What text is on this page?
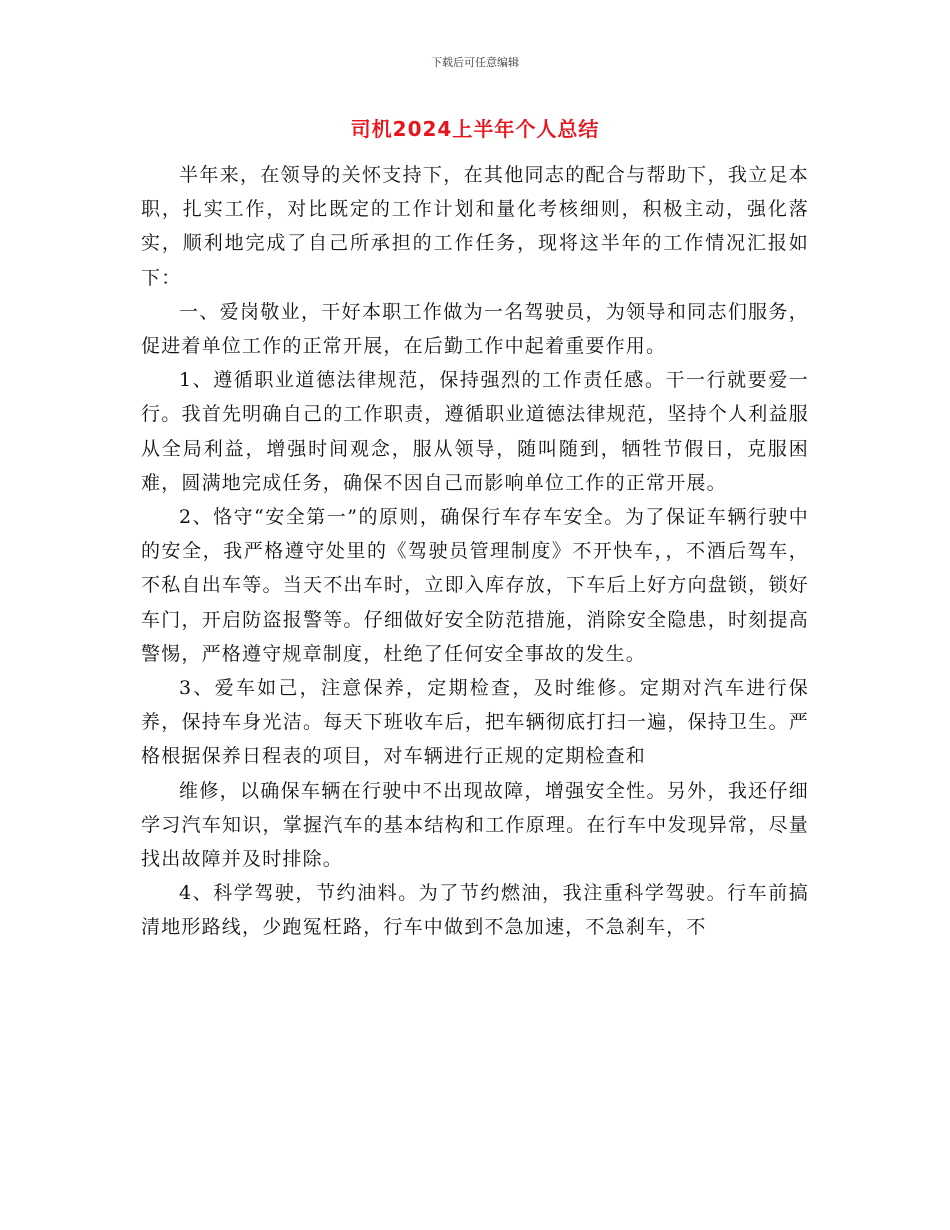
下载后可任意编辑
司机2024上半年个人总结

半年来，在领导的关怀支持下，在其他同志的配合与帮助下，我立足本职，扎实工作，对比既定的工作计划和量化考核细则，积极主动，强化落实，顺利地完成了自己所承担的工作任务，现将这半年的工作情况汇报如下：

一、爱岗敬业，干好本职工作做为一名驾驶员，为领导和同志们服务，促进着单位工作的正常开展，在后勤工作中起着重要作用。

1、遵循职业道德法律规范，保持强烈的工作责任感。干一行就要爱一行。我首先明确自己的工作职责，遵循职业道德法律规范，坚持个人利益服从全局利益，增强时间观念，服从领导，随叫随到，牺牲节假日，克服困难，圆满地完成任务，确保不因自己而影响单位工作的正常开展。

2、恪守“安全第一”的原则，确保行车存车安全。为了保证车辆行驶中的安全，我严格遵守处里的《驾驶员管理制度》不开快车，，不酒后驾车，不私自出车等。当天不出车时，立即入库存放，下车后上好方向盘锁，锁好车门，开启防盗报警等。仔细做好安全防范措施，消除安全隐患，时刻提高警惕，严格遵守规章制度，杜绝了任何安全事故的发生。

3、爱车如己，注意保养，定期检查，及时维修。定期对汽车进行保养，保持车身光洁。每天下班收车后，把车辆彻底打扫一遍，保持卫生。严格根据保养日程表的项目，对车辆进行正规的定期检查和

维修，以确保车辆在行驶中不出现故障，增强安全性。另外，我还仔细学习汽车知识，掌握汽车的基本结构和工作原理。在行车中发现异常，尽量找出故障并及时排除。

4、科学驾驶，节约油料。为了节约燃油，我注重科学驾驶。行车前搞清地形路线，少跑冤枉路，行车中做到不急加速，不急刹车，不
